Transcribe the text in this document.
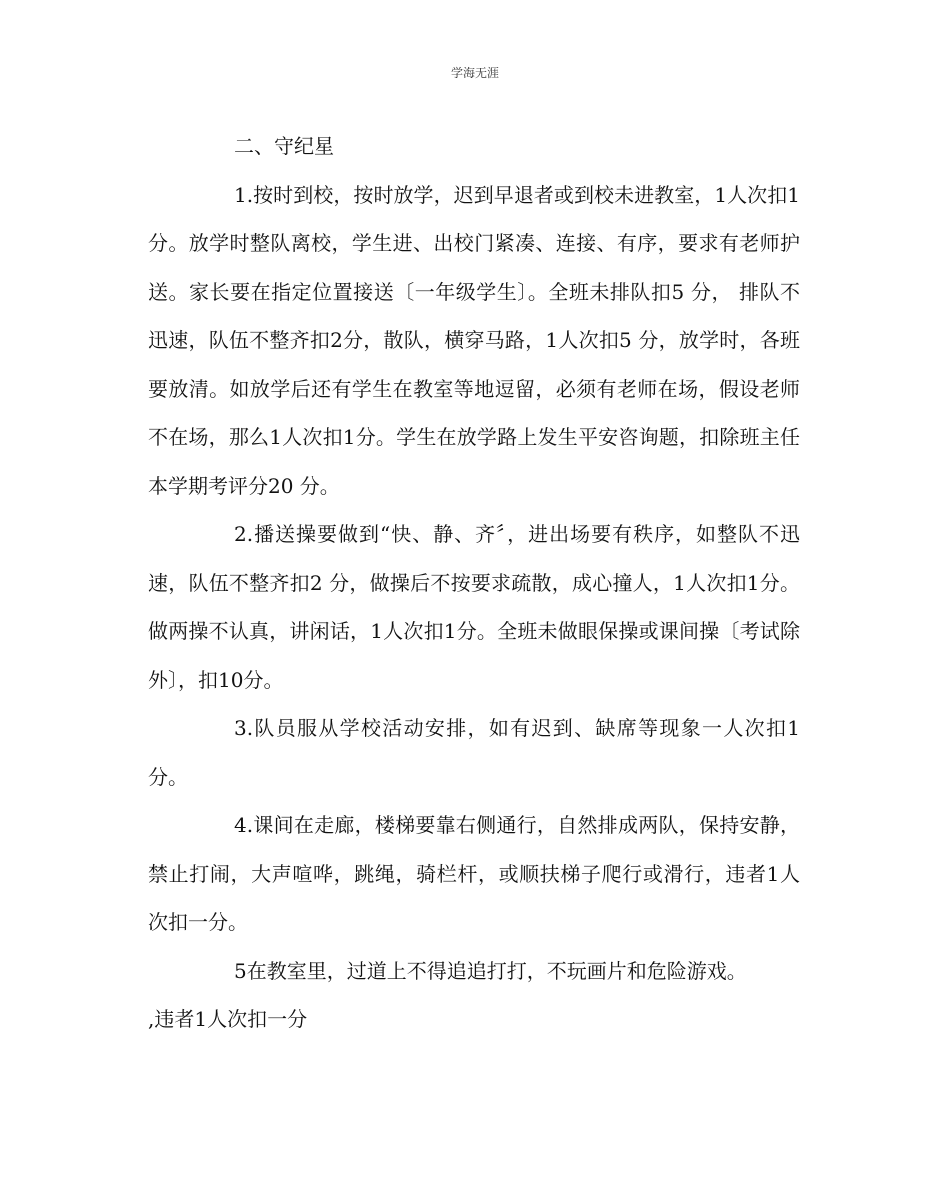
学海无涯

二、守纪星

1.按时到校，按时放学，迟到早退者或到校未进教室，1人次扣1分。放学时整队离校，学生进、出校门紧凑、连接、有序，要求有老师护送。家长要在指定位置接送〔一年级学生〕。全班未排队扣5 分， 排队不迅速，队伍不整齐扣2分，散队，横穿马路，1人次扣5 分，放学时，各班要放清。如放学后还有学生在教室等地逗留，必须有老师在场，假设老师不在场，那么1人次扣1分。学生在放学路上发生平安咨询题，扣除班主任本学期考评分20 分。

2.播送操要做到“快、静、齐〞，进出场要有秩序，如整队不迅速，队伍不整齐扣2 分，做操后不按要求疏散，成心撞人，1人次扣1分。做两操不认真，讲闲话，1人次扣1分。全班未做眼保操或课间操〔考试除外〕，扣10分。

3.队员服从学校活动安排，如有迟到、缺席等现象一人次扣1分。

4.课间在走廊，楼梯要靠右侧通行，自然排成两队，保持安静，禁止打闹，大声喧哗，跳绳，骑栏杆，或顺扶梯子爬行或滑行，违者1人次扣一分。

5在教室里，过道上不得追追打打，不玩画片和危险游戏。

,违者1人次扣一分
